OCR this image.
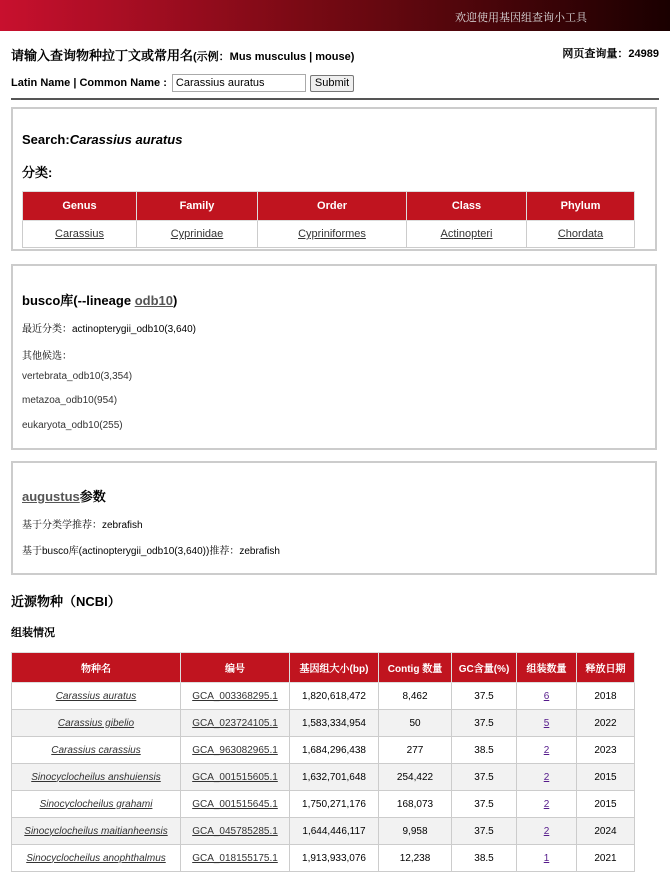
欢迎使用基因组查询小工具
请输入查询物种拉丁文或常用名(示例：Mus musculus | mouse)	网页查询量：24989
Latin Name | Common Name :
Carassius auratus	Submit
Search:Carassius auratus
分类:
Genus	Family	Order	Class	Phylum
Carassius	Cyprinidae	Cypriniformes	Actinopteri	Chordata
busco库(--lineage odb10)

最近分类：actinopterygii_odb10(3,640)

其他候选：

vertebrata_odb10(3,354)

metazoa_odb10(954)

eukaryota_odb10(255)

augustus参数

基于分类学推荐：zebrafish

基于busco库(actinopterygii_odb10(3,640))推荐：zebrafish

近源物种（NCBI）
组装情况
物种名	编号	基因组大小(bp)	Contig 数量	GC含量(%)	组装数量	释放日期
Carassius auratus	GCA_003368295.1	1,820,618,472	8,462	37.5	6	2018
Carassius gibelio	GCA_023724105.1	1,583,334,954	50	37.5	5	2022
Carassius carassius	GCA_963082965.1	1,684,296,438	277	38.5	2	2023
Sinocyclocheilus anshuiensis	GCA_001515605.1	1,632,701,648	254,422	37.5	2	2015
Sinocyclocheilus grahami	GCA_001515645.1	1,750,271,176	168,073	37.5	2	2015
Sinocyclocheilus maitianheensis	GCA_045785285.1	1,644,446,117	9,958	37.5	2	2024
Sinocyclocheilus anophthalmus	GCA_018155175.1	1,913,933,076	12,238	38.5	1	2021
